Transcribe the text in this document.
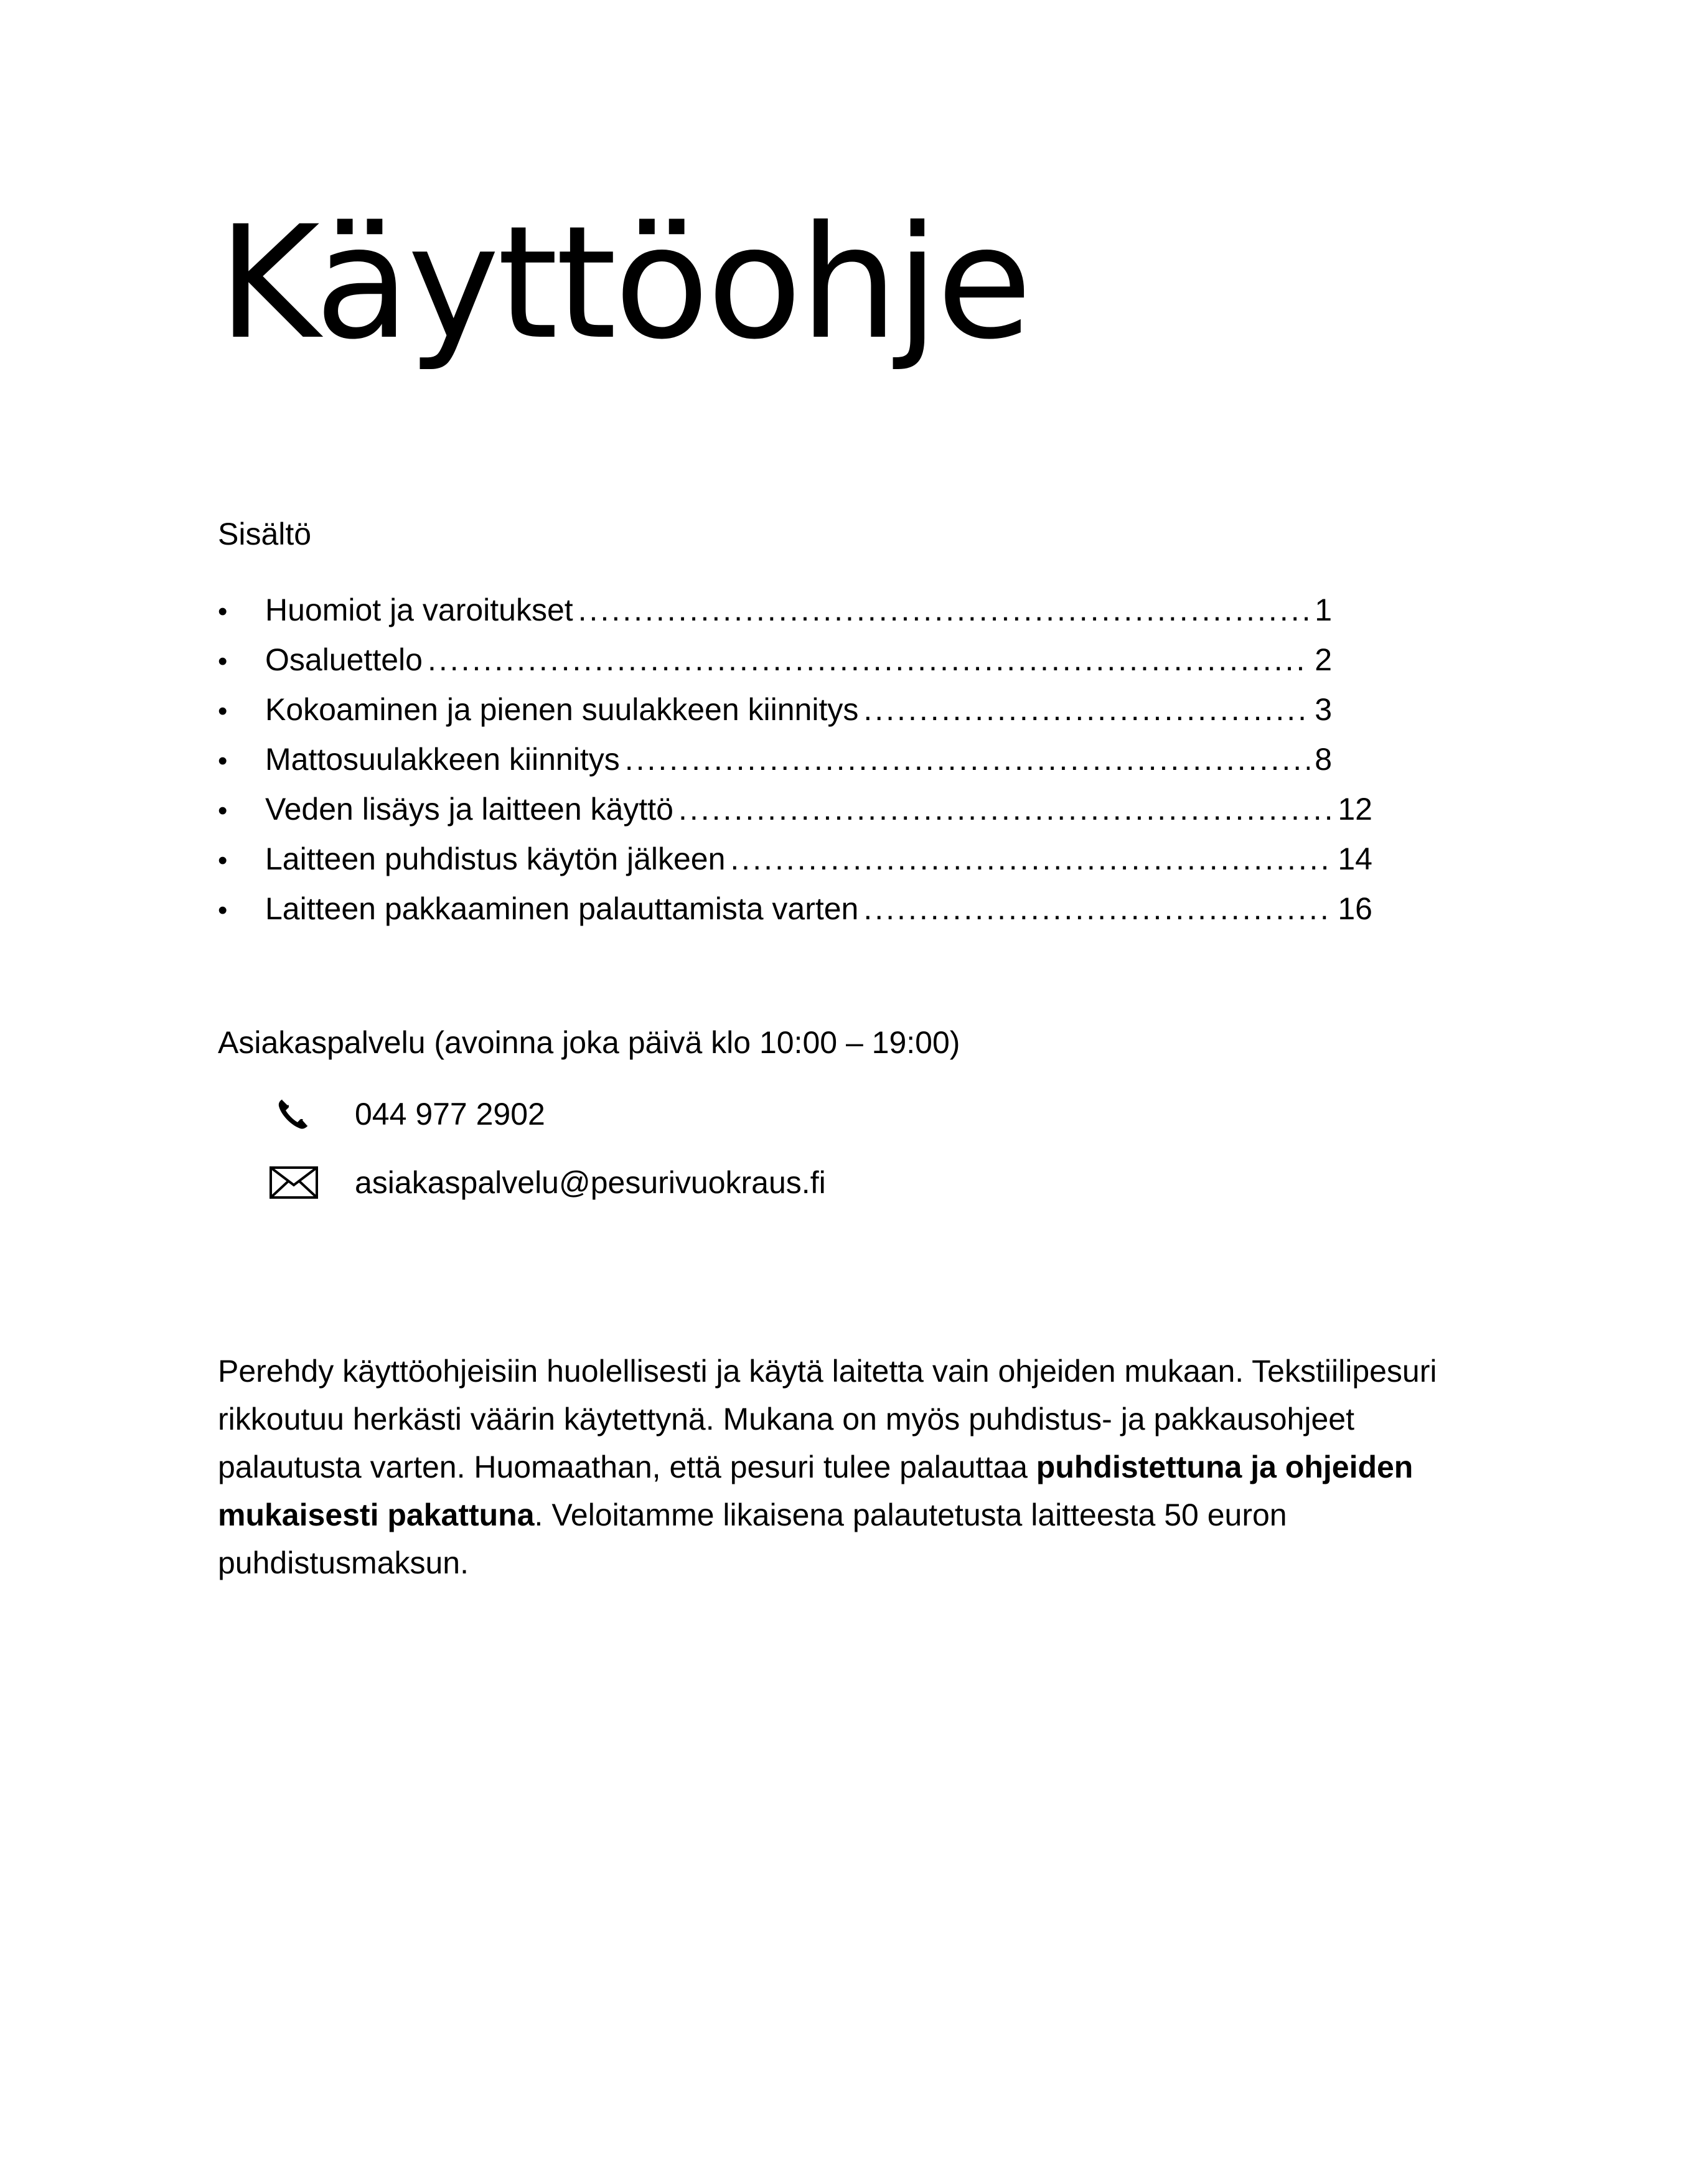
Käyttöohje

Sisältö

•	Huomiot ja varoitukset .....	1
•	Osaluettelo .....	2
•	Kokoaminen ja pienen suulakkeen kiinnitys .....	3
•	Mattosuulakkeen kiinnitys .....	8
•	Veden lisäys ja laitteen käyttö .....	12
•	Laitteen puhdistus käytön jälkeen .....	14
•	Laitteen pakkaaminen palauttamista varten .....	16

Asiakaspalvelu (avoinna joka päivä klo 10:00 – 19:00)

044 977 2902
asiakaspalvelu@pesurivuokraus.fi

Perehdy käyttöohjeisiin huolellisesti ja käytä laitetta vain ohjeiden mukaan. Tekstiilipesuri rikkoutuu herkästi väärin käytettynä. Mukana on myös puhdistus- ja pakkausohjeet palautusta varten. Huomaathan, että pesuri tulee palauttaa puhdistettuna ja ohjeiden mukaisesti pakattuna. Veloitamme likaisena palautetusta laitteesta 50 euron puhdistusmaksun.
